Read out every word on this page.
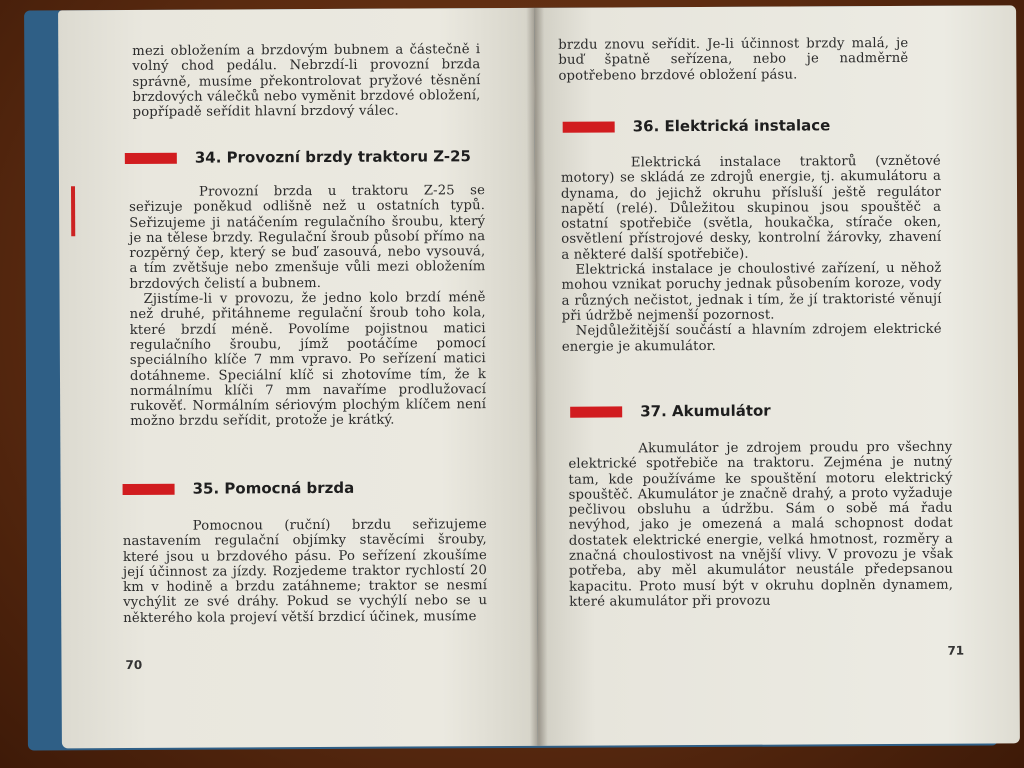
mezi obložením a brzdovým bubnem a částečně i volný chod pedálu. Nebrzdí-li provozní brzda správně, musíme překontrolovat pryžové těsnění brzdových válečků nebo vyměnit brzdové obložení, popřípadě seřídit hlavní brzdový válec.

34. Provozní brzdy traktoru Z-25

Provozní brzda u traktoru Z-25 se seřizuje poněkud odlišně než u ostatních typů. Seřizujeme ji natáčením regulačního šroubu, který je na tělese brzdy. Regulační šroub působí přímo na rozpěrný čep, který se buď zasouvá, nebo vysouvá, a tím zvětšuje nebo zmenšuje vůli mezi obložením brzdových čelistí a bubnem.

Zjistíme-li v provozu, že jedno kolo brzdí méně než druhé, přitáhneme regulační šroub toho kola, které brzdí méně. Povolíme pojistnou matici regulačního šroubu, jímž pootáčíme pomocí speciálního klíče 7 mm vpravo. Po seřízení matici dotáhneme. Speciální klíč si zhotovíme tím, že k normálnímu klíči 7 mm navaříme prodlužovací rukověť. Normálním sériovým plochým klíčem není možno brzdu seřídit, protože je krátký.

35. Pomocná brzda

Pomocnou (ruční) brzdu seřizujeme nastavením regulační objímky stavěcími šrouby, které jsou u brzdového pásu. Po seřízení zkoušíme její účinnost za jízdy. Rozjedeme traktor rychlostí 20 km v hodině a brzdu zatáhneme; traktor se nesmí vychýlit ze své dráhy. Pokud se vychýlí nebo se u některého kola projeví větší brzdicí účinek, musíme

70

brzdu znovu seřídit. Je-li účinnost brzdy malá, je buď špatně seřízena, nebo je nadměrně opotřebeno brzdové obložení pásu.

36. Elektrická instalace

Elektrická instalace traktorů (vznětové motory) se skládá ze zdrojů energie, tj. akumulátoru a dynama, do jejichž okruhu přísluší ještě regulátor napětí (relé). Důležitou skupinou jsou spouštěč a ostatní spotřebiče (světla, houkačka, stírače oken, osvětlení přístrojové desky, kontrolní žárovky, zhavení a některé další spotřebiče).

Elektrická instalace je choulostivé zařízení, u něhož mohou vznikat poruchy jednak působením koroze, vody a různých nečistot, jednak i tím, že jí traktoristé věnují při údržbě nejmenší pozornost.

Nejdůležitější součástí a hlavním zdrojem elektrické energie je akumulátor.

37. Akumulátor

Akumulátor je zdrojem proudu pro všechny elektrické spotřebiče na traktoru. Zejména je nutný tam, kde používáme ke spouštění motoru elektrický spouštěč. Akumulátor je značně drahý, a proto vyžaduje pečlivou obsluhu a údržbu. Sám o sobě má řadu nevýhod, jako je omezená a malá schopnost dodat dostatek elektrické energie, velká hmotnost, rozměry a značná choulostivost na vnější vlivy. V provozu je však potřeba, aby měl akumulátor neustále předepsanou kapacitu. Proto musí být v okruhu doplněn dynamem, které akumulátor při provozu

71
